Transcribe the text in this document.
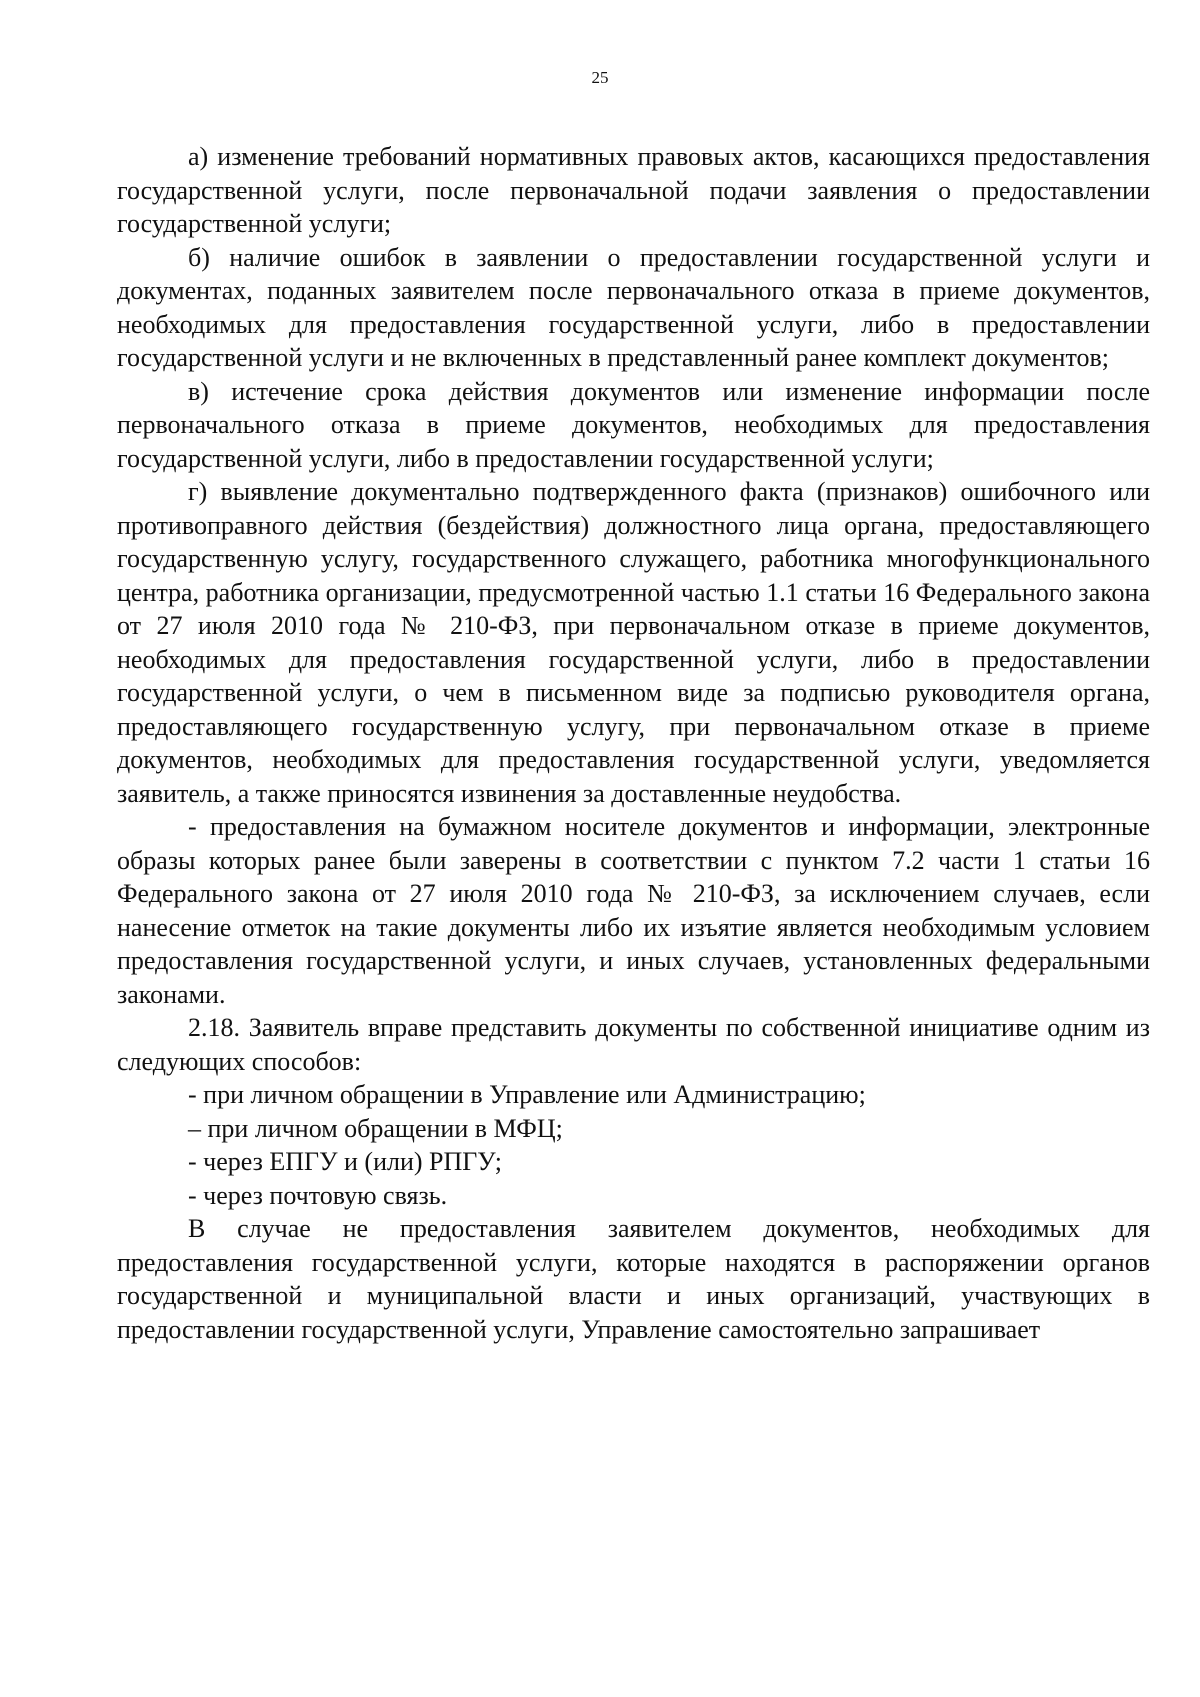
25

а) изменение требований нормативных правовых актов, касающихся предоставления государственной услуги, после первоначальной подачи заявления о предоставлении государственной услуги;

б) наличие ошибок в заявлении о предоставлении государственной услуги и документах, поданных заявителем после первоначального отказа в приеме документов, необходимых для предоставления государственной услуги, либо в предоставлении государственной услуги и не включенных в представленный ранее комплект документов;

в) истечение срока действия документов или изменение информации после первоначального отказа в приеме документов, необходимых для предоставления государственной услуги, либо в предоставлении государственной услуги;

г) выявление документально подтвержденного факта (признаков) ошибочного или противоправного действия (бездействия) должностного лица органа, предоставляющего государственную услугу, государственного служащего, работника многофункционального центра, работника организации, предусмотренной частью 1.1 статьи 16 Федерального закона от 27 июля 2010 года № 210-ФЗ, при первоначальном отказе в приеме документов, необходимых для предоставления государственной услуги, либо в предоставлении государственной услуги, о чем в письменном виде за подписью руководителя органа, предоставляющего государственную услугу, при первоначальном отказе в приеме документов, необходимых для предоставления государственной услуги, уведомляется заявитель, а также приносятся извинения за доставленные неудобства.

- предоставления на бумажном носителе документов и информации, электронные образы которых ранее были заверены в соответствии с пунктом 7.2 части 1 статьи 16 Федерального закона от 27 июля 2010 года № 210-ФЗ, за исключением случаев, если нанесение отметок на такие документы либо их изъятие является необходимым условием предоставления государственной услуги, и иных случаев, установленных федеральными законами.

2.18. Заявитель вправе представить документы по собственной инициативе одним из следующих способов:

- при личном обращении в Управление или Администрацию;

– при личном обращении в МФЦ;

- через ЕПГУ и (или) РПГУ;

- через почтовую связь.

В случае не предоставления заявителем документов, необходимых для предоставления государственной услуги, которые находятся в распоряжении органов государственной и муниципальной власти и иных организаций, участвующих в предоставлении государственной услуги, Управление самостоятельно запрашивает
